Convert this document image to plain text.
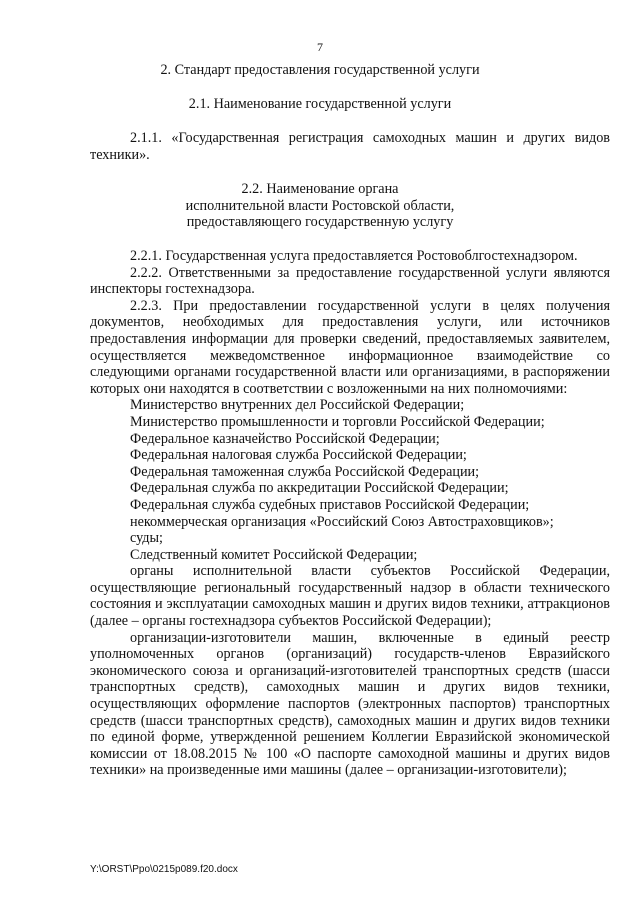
7
2. Стандарт предоставления государственной услуги
2.1. Наименование государственной услуги

2.1.1. «Государственная регистрация самоходных машин и других видов техники».

2.2. Наименование органа
исполнительной власти Ростовской области,
предоставляющего государственную услугу

2.2.1. Государственная услуга предоставляется Ростовоблгостехнадзором.

2.2.2. Ответственными за предоставление государственной услуги являются инспекторы гостехнадзора.

2.2.3. При предоставлении государственной услуги в целях получения документов, необходимых для предоставления услуги, или источников предоставления информации для проверки сведений, предоставляемых заявителем, осуществляется межведомственное информационное взаимодействие со следующими органами государственной власти или организациями, в распоряжении которых они находятся в соответствии с возложенными на них полномочиями:

Министерство внутренних дел Российской Федерации;
Министерство промышленности и торговли Российской Федерации;
Федеральное казначейство Российской Федерации;
Федеральная налоговая служба Российской Федерации;
Федеральная таможенная служба Российской Федерации;
Федеральная служба по аккредитации Российской Федерации;
Федеральная служба судебных приставов Российской Федерации;
некоммерческая организация «Российский Союз Автостраховщиков»;
суды;
Следственный комитет Российской Федерации;

органы исполнительной власти субъектов Российской Федерации, осуществляющие региональный государственный надзор в области технического состояния и эксплуатации самоходных машин и других видов техники, аттракционов (далее – органы гостехнадзора субъектов Российской Федерации);

организации-изготовители машин, включенные в единый реестр уполномоченных органов (организаций) государств-членов Евразийского экономического союза и организаций-изготовителей транспортных средств (шасси транспортных средств), самоходных машин и других видов техники, осуществляющих оформление паспортов (электронных паспортов) транспортных средств (шасси транспортных средств), самоходных машин и других видов техники по единой форме, утвержденной решением Коллегии Евразийской экономической комиссии от 18.08.2015 № 100 «О паспорте самоходной машины и других видов техники» на произведенные ими машины (далее – организации-изготовители);

Y:\ORST\Ppo\0215p089.f20.docx
